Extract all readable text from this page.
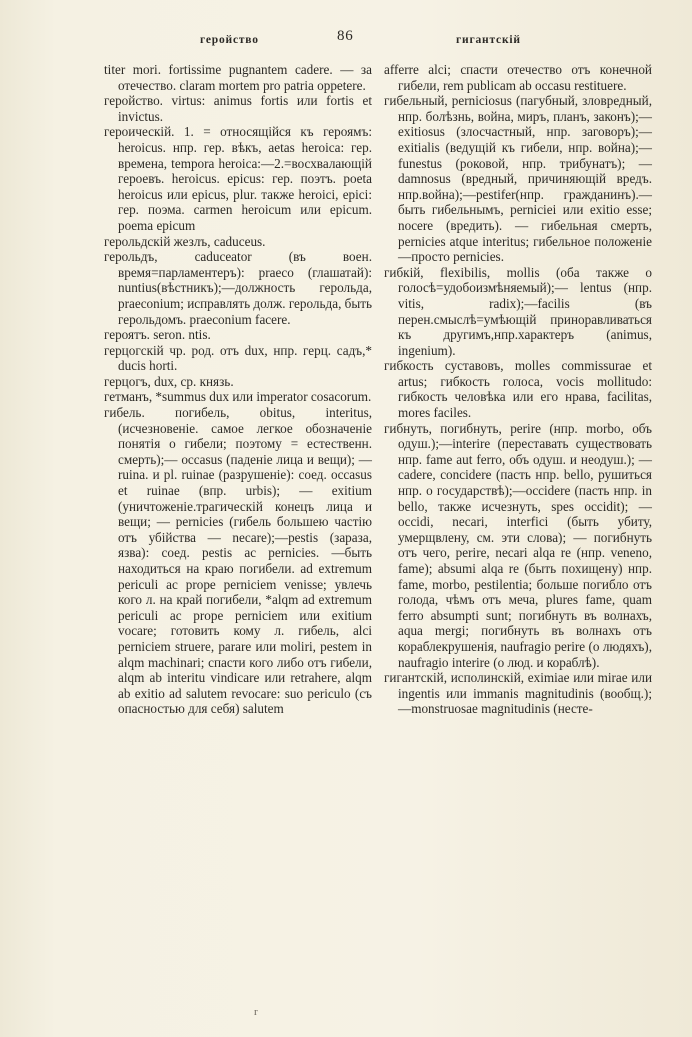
геройство	86	гигантскій

titer mori. fortissime pugnantem cadere. — за отечество. claram mortem pro patria oppetere.

геройство. virtus: animus fortis или fortis et invictus.

героическій. 1. = относящійся къ героямъ: heroicus. нпр. гер. вѣкъ, aetas heroica: гер. времена, tempora heroica:—2.=восхвалающій героевъ. heroicus. epicus: гер. поэтъ. poeta heroicus или epicus, plur. также heroici, epici: гер. поэма. carmen heroicum или epicum. poema epicum

герольдскій жезлъ, caduceus.

герольдъ, caduceator (въ воен. время=парламентеръ): praeco (глашатай): nuntius(вѣстникъ);—должность герольда, praeconium; исправлять долж. герольда, быть герольдомъ. praeconium facere.

героятъ. seron. ntis.

герцогскій чр. род. отъ dux, нпр. герц. садъ,* ducis horti.

герцогъ, dux, ср. князь.

гетманъ, *summus dux или imperator cosacorum.

гибель. погибель, obitus, interitus, (исчезновеніе. самое легкое обозначеніе понятія о гибели; поэтому = естественн. смерть);— occasus (паденіе лица и вещи); — ruina. и pl. ruinae (разрушеніе): соед. occasus et ruinae (впр. urbis); — exitium (уничтоженіе.трагическій конецъ лица и вещи; — pernicies (гибель большею частію отъ убійства — necare);—pestis (зараза, язва): соед. pestis ac pernicies. —быть находиться на краю погибели. ad extremum periculi ac prope perniciem venisse; увлечь кого л. на край погибели, *alqm ad extremum periculi ac prope perniciem или exitium vocare; готовить кому л. гибель, alci perniciem struere, parare или moliri, pestem in alqm machinari; спасти кого либо отъ гибели, alqm ab interitu vindicare или retrahere, alqm ab exitio ad salutem revocare: suo periculo (съ опасностью для себя) salutem

afferre alci; спасти отечество отъ конечной гибели, rem publicam ab occasu restituere.

гибельный, perniciosus (пагубный, зловредный, нпр. болѣзнь, война, миръ, планъ, законъ);—exitiosus (злосчастный, нпр. заговоръ);—exitialis (ведущій къ гибели, нпр. война);—funestus (роковой, нпр. трибунатъ); — damnosus (вредный, причиняющій вредъ. нпр.война);—pestifer(нпр. гражданинъ).—быть гибельнымъ, perniciei или exitio esse; nocere (вредить). — гибельная смерть, pernicies atque interitus; гибельное положеніе—просто pernicies.

гибкій, flexibilis, mollis (оба также о голосѣ=удобоизмѣняемый);— lentus (нпр. vitis, radix);—facilis (въ перен.смыслѣ=умѣющій приноравливаться къ другимъ,нпр.характеръ (animus, ingenium).

гибкость суставовъ, molles commissurae et artus; гибкость голоса, vocis mollitudo: гибкость человѣка или его нрава, facilitas, mores faciles.

гибнуть, погибнуть, perire (нпр. morbo, объ одуш.);—interire (переставать существовать нпр. fame aut ferro, объ одуш. и неодуш.); —cadere, concidere (пасть нпр. bello, рушиться нпр. о государствѣ);—occidere (пасть нпр. in bello, также исчезнуть, spes occidit); — occidi, necari, interfici (быть убиту, умерщвлену, см. эти слова); — погибнуть отъ чего, perire, necari alqa re (нпр. veneno, fame); absumi alqa re (быть похищену) нпр. fame, morbo, pestilentia; больше погибло отъ голода, чѣмъ отъ меча, plures fame, quam ferro absumpti sunt; погибнуть въ волнахъ, aqua mergi; погибнуть въ волнахъ отъ кораблекрушенія, naufragio perire (о людяхъ), naufragio interire (о люд. и кораблѣ).

гигантскій, исполинскій, eximiae или mirae или ingentis или immanis magnitudinis (вообщ.);—monstruosae magnitudinis (несте-

r
